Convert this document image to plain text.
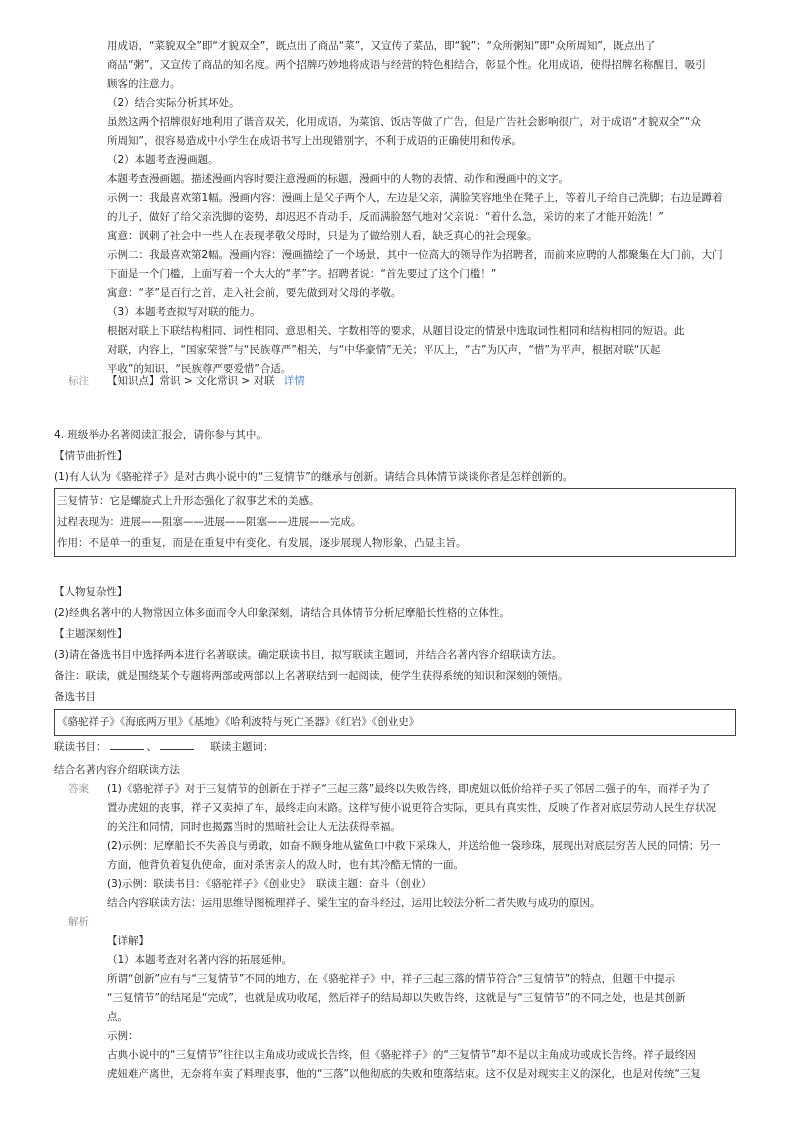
用成语，“菜貌双全”即“才貌双全”，既点出了商品“菜”，又宣传了菜品，即“貌”；“众所粥知”即“众所周知”，既点出了

商品“粥”，又宣传了商品的知名度。两个招牌巧妙地将成语与经营的特色相结合，彰显个性。化用成语，使得招牌名称醒目，吸引

顾客的注意力。

（2）结合实际分析其坏处。

虽然这两个招牌很好地利用了谐音双关，化用成语，为菜馆、饭店等做了广告，但是广告社会影响很广，对于成语“才貌双全”“众

所周知”，很容易造成中小学生在成语书写上出现错别字，不利于成语的正确使用和传承。

（2）本题考查漫画题。

本题考查漫画题。描述漫画内容时要注意漫画的标题，漫画中的人物的表情、动作和漫画中的文字。

示例一：我最喜欢第1幅。漫画内容：漫画上是父子两个人，左边是父亲，满脸笑容地坐在凳子上，等着儿子给自己洗脚；右边是蹲着

的儿子，做好了给父亲洗脚的姿势，却迟迟不肯动手，反而满脸怒气地对父亲说：“着什么急，采访的来了才能开始洗！”

寓意：讽刺了社会中一些人在表现孝敬父母时，只是为了做给别人看，缺乏真心的社会现象。

示例二：我最喜欢第2幅。漫画内容：漫画描绘了一个场景，其中一位高大的领导作为招聘者，而前来应聘的人都聚集在大门前，大门

下面是一个门槛，上面写着一个大大的“孝”字。招聘者说：“首先要过了这个门槛！”

寓意：“孝”是百行之首，走入社会前，要先做到对父母的孝敬。

（3）本题考查拟写对联的能力。

根据对联上下联结构相同、词性相同、意思相关、字数相等的要求，从题目设定的情景中选取词性相同和结构相同的短语。此

对联，内容上，“国家荣誉”与“民族尊严”相关，与“中华豪情”无关；平仄上，“古”为仄声，“惜”为平声，根据对联“仄起

平收”的知识，“民族尊严要爱惜”合适。

标注 【知识点】常识 > 文化常识 > 对联 详情

4. 班级举办名著阅读汇报会，请你参与其中。

【情节曲折性】

(1)有人认为《骆驼祥子》是对古典小说中的“三复情节”的继承与创新。请结合具体情节谈谈你者是怎样创新的。

三复情节：它是螺旋式上升形态强化了叙事艺术的美感。

过程表现为：进展——阻塞——进展——阻塞——进展——完成。

作用：不是单一的重复，而是在重复中有变化、有发展，逐步展现人物形象，凸显主旨。

【人物复杂性】

(2)经典名著中的人物常因立体多面而令人印象深刻，请结合具体情节分析尼摩船长性格的立体性。

【主题深刻性】

(3)请在备选书目中选择两本进行名著联读。确定联读书目，拟写联读主题词，并结合名著内容介绍联读方法。

备注：联读，就是围绕某个专题将两部或两部以上名著联结到一起阅读，使学生获得系统的知识和深刻的领悟。

备选书目

《骆驼祥子》《海底两万里》《基地》《哈利波特与死亡圣器》《红岩》《创业史》

联读书目：	、	联读主题词：

结合名著内容介绍联读方法

答案 (1)《骆驼祥子》对于三复情节的创新在于祥子“三起三落”最终以失败告终，即虎妞以低价给祥子买了邻居二强子的车，而祥子为了

置办虎妞的丧事，祥子又卖掉了车，最终走向末路。这样写使小说更符合实际，更具有真实性，反映了作者对底层劳动人民生存状况

的关注和同情，同时也揭露当时的黑暗社会让人无法获得幸福。

(2)示例：尼摩船长不失善良与勇敢，如奋不顾身地从鲨鱼口中救下采珠人，并送给他一袋珍珠，展现出对底层穷苦人民的同情；另一

方面，他背负着复仇使命，面对杀害亲人的敌人时，也有其冷酷无情的一面。

(3)示例：联读书目：《骆驼祥子》《创业史》　联读主题：奋斗（创业）

结合内容联读方法：运用思维导图梳理祥子、梁生宝的奋斗经过，运用比较法分析二者失败与成功的原因。

解析

【详解】

（1）本题考查对名著内容的拓展延伸。

所谓“创新”应有与“三复情节”不同的地方，在《骆驼祥子》中，祥子三起三落的情节符合“三复情节”的特点，但题干中提示

“三复情节”的结尾是“完成”，也就是成功收尾，然后祥子的结局却以失败告终，这就是与“三复情节”的不同之处，也是其创新

点。

示例：

古典小说中的“三复情节”往往以主角成功或成长告终，但《骆驼祥子》的“三复情节”却不是以主角成功或成长告终。祥子最终因

虎妞难产离世，无奈将车卖了料理丧事，他的“三落”以他彻底的失败和堕落结束。这不仅是对现实主义的深化，也是对传统“三复
